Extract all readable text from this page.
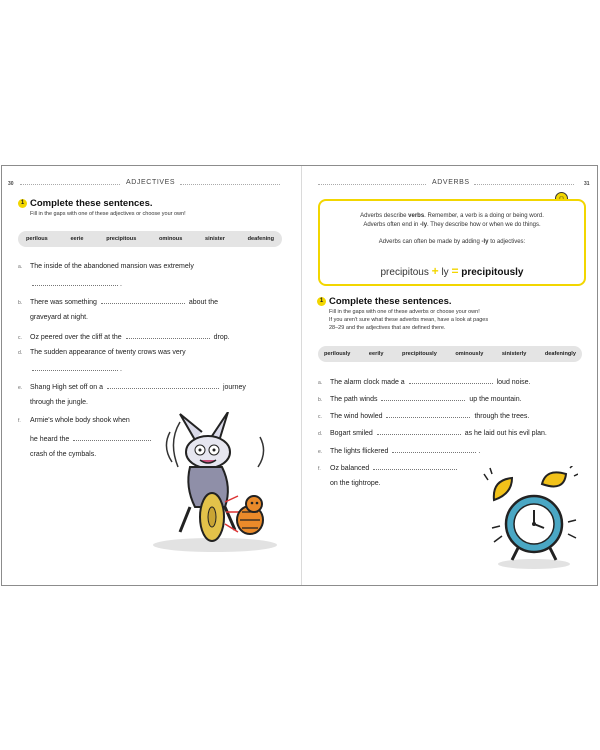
30	ADJECTIVES
1 Complete these sentences.
Fill in the gaps with one of these adjectives or choose your own!
perilous	eerie	precipitous	ominous	sinister	deafening
a. The inside of the abandoned mansion was extremely
.
b. There was something	about the
graveyard at night.
c. Oz peered over the cliff at the	drop.
d. The sudden appearance of twenty crows was very
.
e. Shang High set off on a	journey
through the jungle.
f. Armie's whole body shook when
he heard the
crash of the cymbals.
ADVERBS	31
Adverbs describe verbs. Remember, a verb is a doing or being word.
Adverbs often end in -ly. They describe how or when we do things.
Adverbs can often be made by adding -ly to adjectives:
precipitous + ly = precipitously
1 Complete these sentences.
Fill in the gaps with one of these adverbs or choose your own!
If you aren't sure what these adverbs mean, have a look at pages
28–29 and the adjectives that are defined there.
perilously	eerily	precipitously	ominously	sinisterly	deafeningly
a. The alarm clock made a	loud noise.
b. The path winds	up the mountain.
c. The wind howled	through the trees.
d. Bogart smiled	as he laid out his evil plan.
e. The lights flickered	.
f. Oz balanced
on the tightrope.
